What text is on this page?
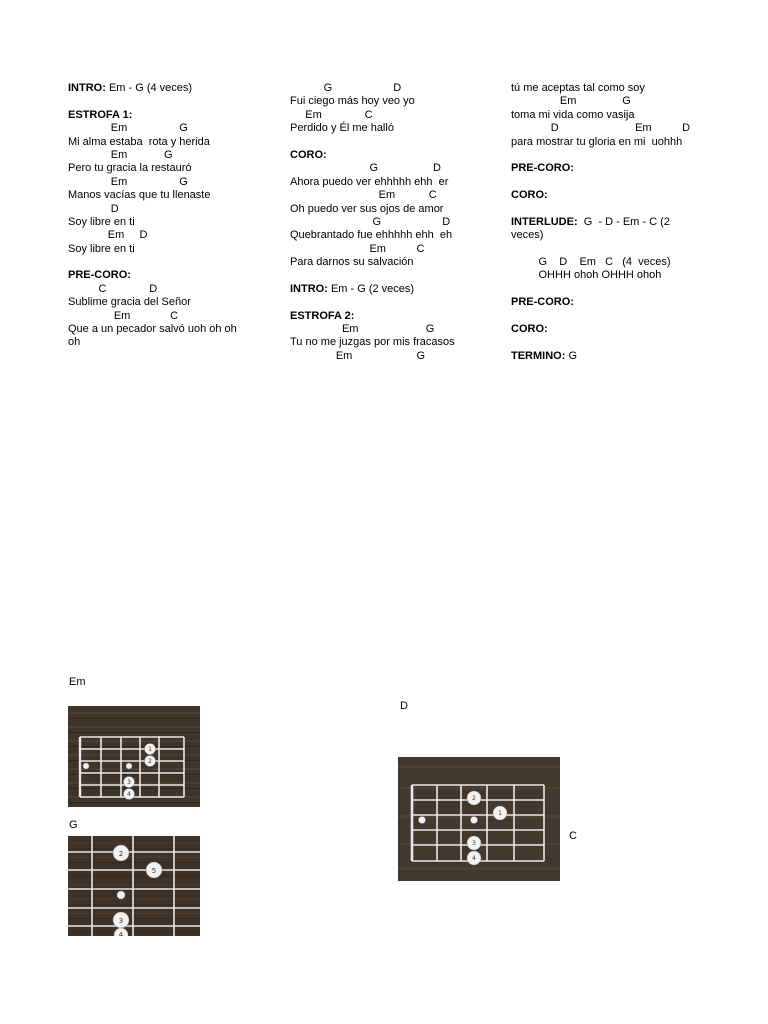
INTRO: Em - G (4 veces)
ESTROFA 1:
Em                 G
Mi alma estaba  rota y herida
Em            G
Pero tu gracia la restauró
Em                 G
Manos vacías que tu llenaste
D
Soy libre en ti
Em     D
Soy libre en ti
PRE-CORO:
C              D
Sublime gracia del Señor
Em             C
Que a un pecador salvó uoh oh oh
oh
G                    D
Fui ciego más hoy veo yo
Em              C
Perdido y Él me halló
CORO:
G                  D
Ahora puedo ver ehhhhh ehh  er
Em           C
Oh puedo ver sus ojos de amor
G                    D
Quebrantado fue ehhhhh ehh  eh
Em          C
Para darnos su salvación
INTRO: Em - G (2 veces)
ESTROFA 2:
Em                      G
Tu no me juzgas por mis fracasos
Em                     G
tú me aceptas tal como soy
Em               G
toma mi vida como vasija
D                         Em          D
para mostrar tu gloria en mi  uohhh
PRE-CORO:
CORO:
INTERLUDE:  G  - D - Em - C (2
veces)
G    D    Em   C   (4  veces)
OHHH ohoh OHHH ohoh
PRE-CORO:
CORO:
TERMINO: G
Em
G
D
C
1
2
3
4
2
5
3
4
2
1
3
4
